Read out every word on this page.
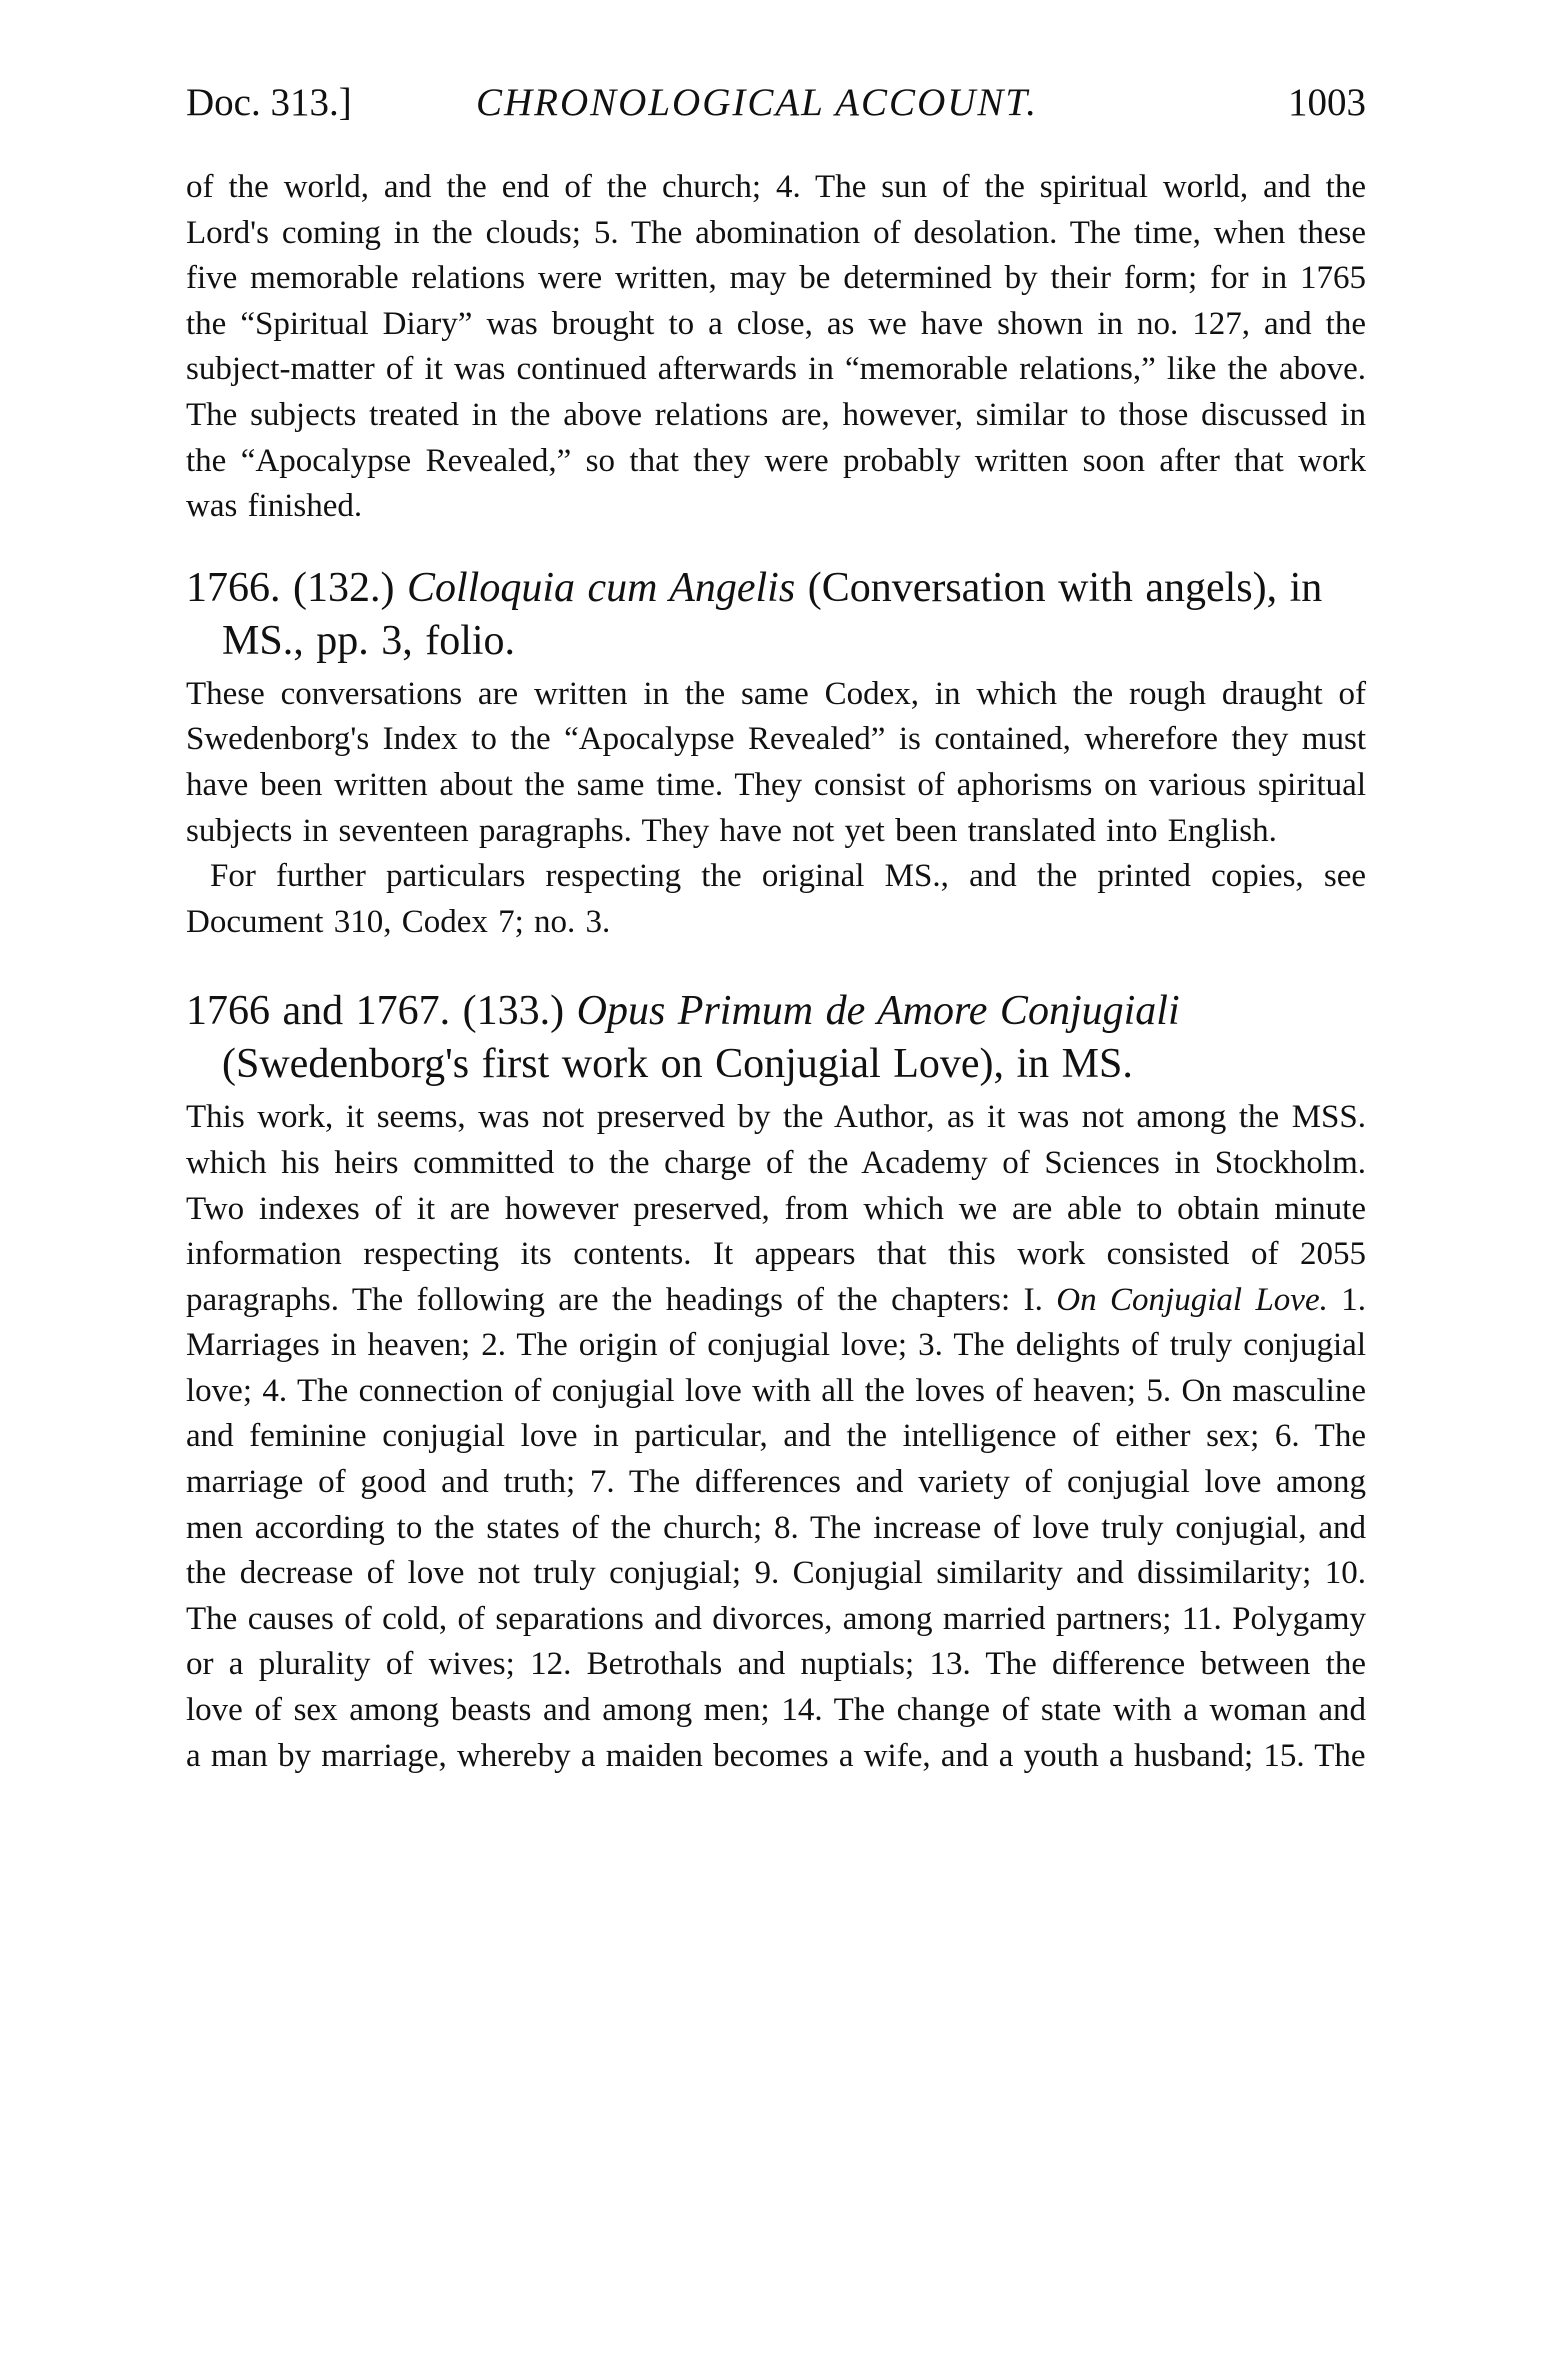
Doc. 313.]	CHRONOLOGICAL ACCOUNT.	1003

of the world, and the end of the church; 4. The sun of the spiritual world, and the Lord's coming in the clouds; 5. The abomination of desolation. The time, when these five memorable relations were written, may be determined by their form; for in 1765 the “Spiritual Diary” was brought to a close, as we have shown in no. 127, and the subject-matter of it was continued afterwards in “memorable relations,” like the above. The subjects treated in the above relations are, however, similar to those discussed in the “Apocalypse Revealed,” so that they were probably written soon after that work was finished.

1766. (132.) Colloquia cum Angelis (Conversation with angels), in MS., pp. 3, folio.

These conversations are written in the same Codex, in which the rough draught of Swedenborg's Index to the “Apocalypse Revealed” is contained, wherefore they must have been written about the same time. They consist of aphorisms on various spiritual subjects in seventeen paragraphs. They have not yet been translated into English.

For further particulars respecting the original MS., and the printed copies, see Document 310, Codex 7; no. 3.

1766 and 1767. (133.) Opus Primum de Amore Conjugiali (Swedenborg's first work on Conjugial Love), in MS.

This work, it seems, was not preserved by the Author, as it was not among the MSS. which his heirs committed to the charge of the Academy of Sciences in Stockholm. Two indexes of it are however preserved, from which we are able to obtain minute information respecting its contents. It appears that this work consisted of 2055 paragraphs. The following are the headings of the chapters: I. On Conjugial Love. 1. Marriages in heaven; 2. The origin of conjugial love; 3. The delights of truly conjugial love; 4. The connection of conjugial love with all the loves of heaven; 5. On masculine and feminine conjugial love in particular, and the intelligence of either sex; 6. The marriage of good and truth; 7. The differences and variety of conjugial love among men according to the states of the church; 8. The increase of love truly conjugial, and the decrease of love not truly conjugial; 9. Conjugial similarity and dissimilarity; 10. The causes of cold, of separations and divorces, among married partners; 11. Polygamy or a plurality of wives; 12. Betrothals and nuptials; 13. The difference between the love of sex among beasts and among men; 14. The change of state with a woman and a man by marriage, whereby a maiden becomes a wife, and a youth a husband; 15. The
